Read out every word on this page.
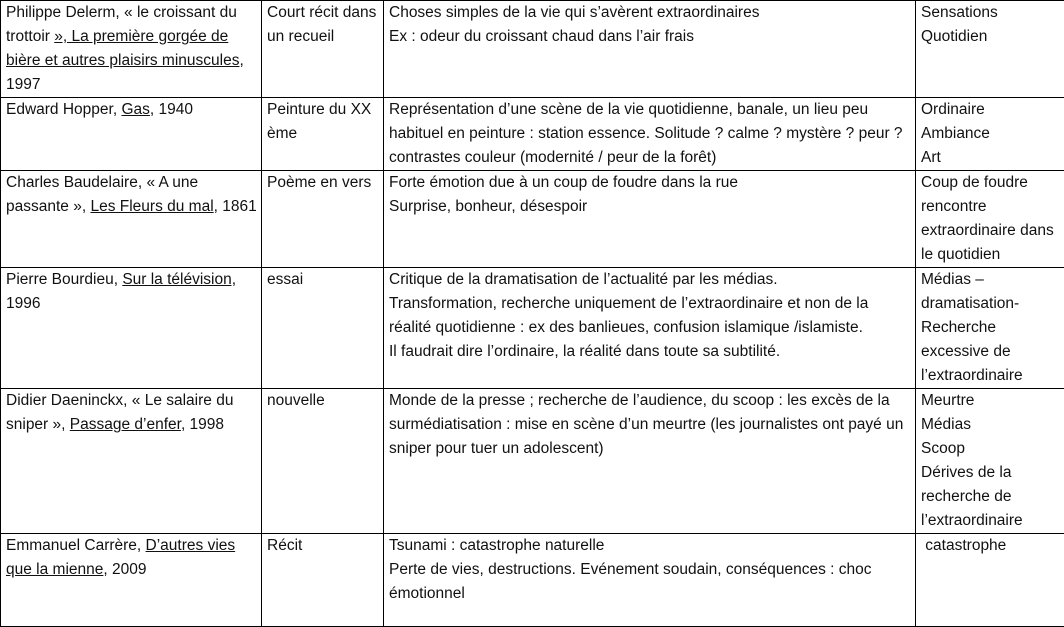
Philippe Delerm, « le croissant du trottoir », La première gorgée de bière et autres plaisirs minuscules, 1997	Court récit dans un recueil	Choses simples de la vie qui s’avèrent extraordinaires
Ex : odeur du croissant chaud dans l’air frais	Sensations
Quotidien

Edward Hopper, Gas, 1940	Peinture du XX ème	Représentation d’une scène de la vie quotidienne, banale, un lieu peu habituel en peinture : station essence. Solitude ? calme ? mystère ? peur ? contrastes couleur (modernité / peur de la forêt)	Ordinaire
Ambiance
Art

Charles Baudelaire, « A une passante », Les Fleurs du mal, 1861	Poème en vers	Forte émotion due à un coup de foudre dans la rue
Surprise, bonheur, désespoir	Coup de foudre rencontre extraordinaire dans le quotidien

Pierre Bourdieu, Sur la télévision, 1996	essai	Critique de la dramatisation de l’actualité par les médias.
Transformation, recherche uniquement de l’extraordinaire et non de la réalité quotidienne : ex des banlieues, confusion islamique /islamiste.
Il faudrait dire l’ordinaire, la réalité dans toute sa subtilité.	Médias – dramatisation- Recherche excessive de l’extraordinaire

Didier Daeninckx, « Le salaire du sniper », Passage d’enfer, 1998	nouvelle	Monde de la presse ; recherche de l’audience, du scoop : les excès de la surmédiatisation : mise en scène d’un meurtre (les journalistes ont payé un sniper pour tuer un adolescent)	Meurtre
Médias
Scoop
Dérives de la recherche de l’extraordinaire

Emmanuel Carrère, D’autres vies que la mienne, 2009	Récit	Tsunami : catastrophe naturelle
Perte de vies, destructions. Evénement soudain, conséquences : choc émotionnel	catastrophe
